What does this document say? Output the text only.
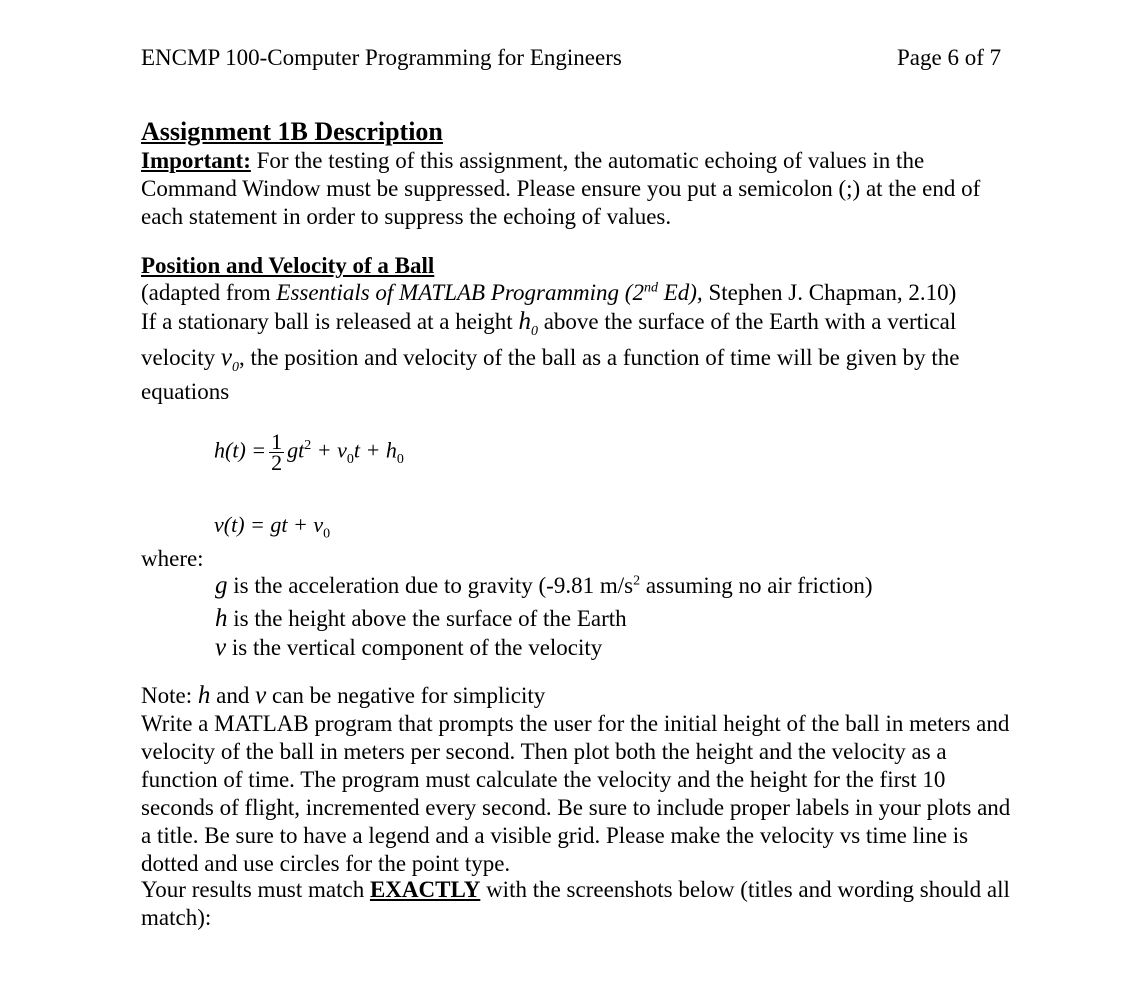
ENCMP 100-Computer Programming for Engineers	Page 6 of 7
Assignment 1B Description
Important: For the testing of this assignment, the automatic echoing of values in the Command Window must be suppressed. Please ensure you put a semicolon (;) at the end of each statement in order to suppress the echoing of values.
Position and Velocity of a Ball
(adapted from Essentials of MATLAB Programming (2nd Ed), Stephen J. Chapman, 2.10)
If a stationary ball is released at a height $h_0$ above the surface of the Earth with a vertical
velocity $v_0$, the position and velocity of the ball as a function of time will be given by the
equations
$h(t) = \frac{1}{2} gt^2 + v_0t + h_0$
v(t) = gt + $v_0$
where:
g is the acceleration due to gravity (-9.81 $m/s^2$ assuming no air friction)
h is the height above the surface of the Earth
v is the vertical component of the velocity
Note: h and v can be negative for simplicity
Write a MATLAB program that prompts the user for the initial height of the ball in meters and velocity of the ball in meters per second. Then plot both the height and the velocity as a function of time. The program must calculate the velocity and the height for the first 10 seconds of flight, incremented every second. Be sure to include proper labels in your plots and a title. Be sure to have a legend and a visible grid. Please make the velocity vs time line is dotted and use circles for the point type.
Your results must match EXACTLY with the screenshots below (titles and wording should all match):
